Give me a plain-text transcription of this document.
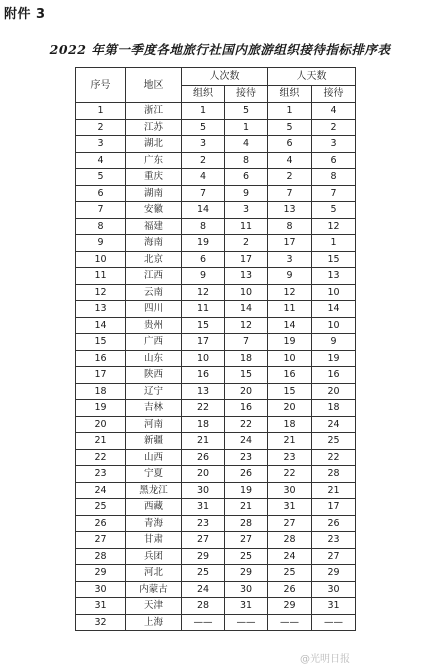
附件 3
2022 年第一季度各地旅行社国内旅游组织接待指标排序表
序号	地区	人次数		人天数	
		组织	接待	组织	接待
1	浙江	1	5	1	4
2	江苏	5	1	5	2
3	湖北	3	4	6	3
4	广东	2	8	4	6
5	重庆	4	6	2	8
6	湖南	7	9	7	7
7	安徽	14	3	13	5
8	福建	8	11	8	12
9	海南	19	2	17	1
10	北京	6	17	3	15
11	江西	9	13	9	13
12	云南	12	10	12	10
13	四川	11	14	11	14
14	贵州	15	12	14	10
15	广西	17	7	19	9
16	山东	10	18	10	19
17	陕西	16	15	16	16
18	辽宁	13	20	15	20
19	吉林	22	16	20	18
20	河南	18	22	18	24
21	新疆	21	24	21	25
22	山西	26	23	23	22
23	宁夏	20	26	22	28
24	黑龙江	30	19	30	21
25	西藏	31	21	31	17
26	青海	23	28	27	26
27	甘肃	27	27	28	23
28	兵团	29	25	24	27
29	河北	25	29	25	29
30	内蒙古	24	30	26	30
31	天津	28	31	29	31
32	上海	——	——	——	——
@光明日报
